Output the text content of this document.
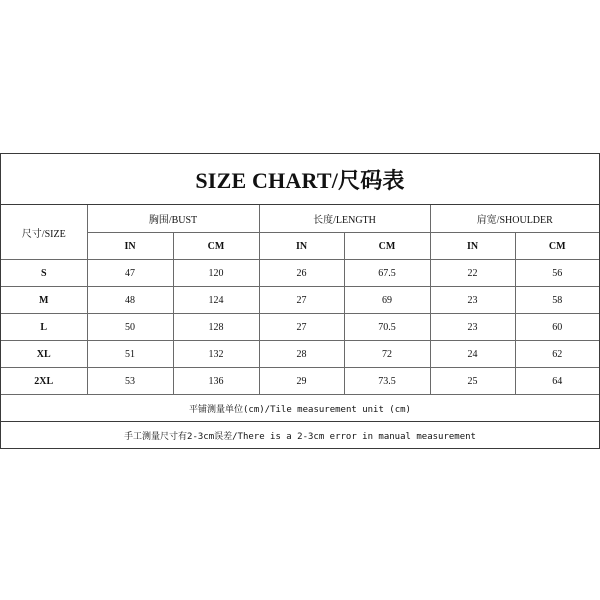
SIZE CHART/尺码表
尺寸/SIZE	胸围/BUST		长度/LENGTH		肩宽/SHOULDER	
	IN	CM	IN	CM	IN	CM
S	47	120	26	67.5	22	56
M	48	124	27	69	23	58
L	50	128	27	70.5	23	60
XL	51	132	28	72	24	62
2XL	53	136	29	73.5	25	64
平铺测量单位(cm)/Tile measurement unit (cm)
手工测量尺寸有2-3cm误差/There is a 2-3cm error in manual measurement
